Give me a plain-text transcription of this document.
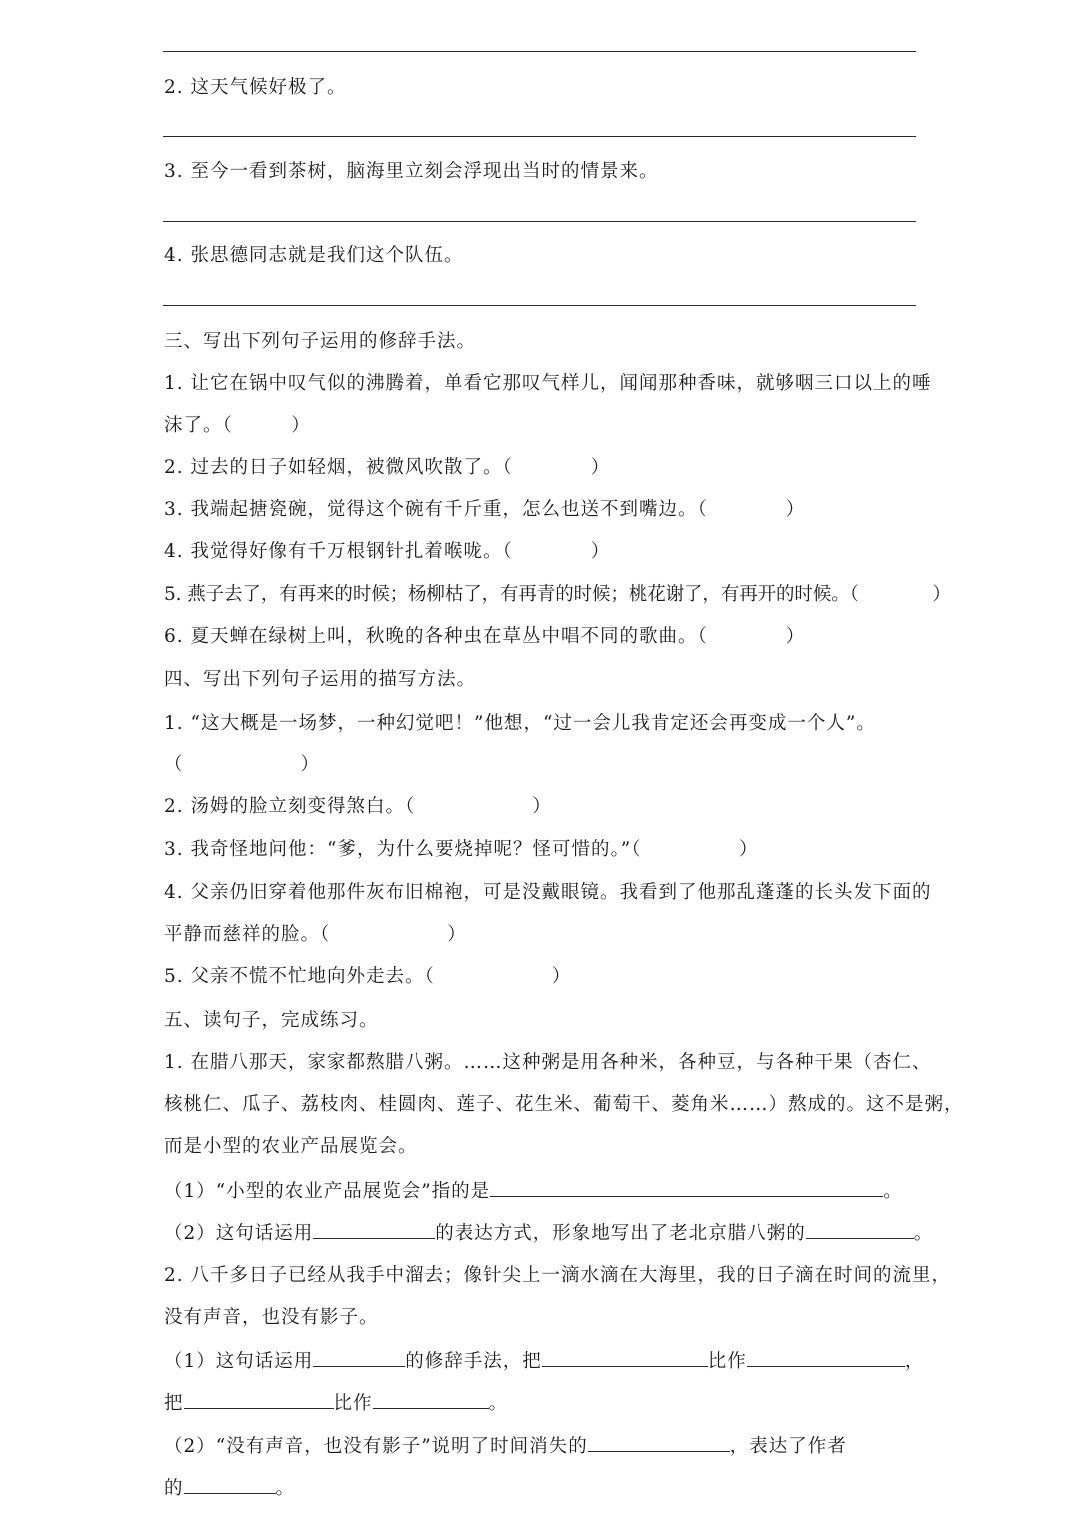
2. 这天气候好极了。
3. 至今一看到茶树，脑海里立刻会浮现出当时的情景来。
4. 张思德同志就是我们这个队伍。
三、写出下列句子运用的修辞手法。
1. 让它在锅中叹气似的沸腾着，单看它那叹气样儿，闻闻那种香味，就够咽三口以上的唾
沫了。（　　　）
2. 过去的日子如轻烟，被微风吹散了。（　　　　）
3. 我端起搪瓷碗，觉得这个碗有千斤重，怎么也送不到嘴边。（　　　　）
4. 我觉得好像有千万根钢针扎着喉咙。（　　　　）
5. 燕子去了，有再来的时候；杨柳枯了，有再青的时候；桃花谢了，有再开的时候。（　　　　）
6. 夏天蝉在绿树上叫，秋晚的各种虫在草丛中唱不同的歌曲。（　　　　）
四、写出下列句子运用的描写方法。
1. “这大概是一场梦，一种幻觉吧！”他想，“过一会儿我肯定还会再变成一个人”。
（　　　　　　）
2. 汤姆的脸立刻变得煞白。（　　　　　　）
3. 我奇怪地问他：“爹，为什么要烧掉呢？怪可惜的。”（　　　　　）
4. 父亲仍旧穿着他那件灰布旧棉袍，可是没戴眼镜。我看到了他那乱蓬蓬的长头发下面的
平静而慈祥的脸。（　　　　　　）
5. 父亲不慌不忙地向外走去。（　　　　　　）
五、读句子，完成练习。
1. 在腊八那天，家家都熬腊八粥。……这种粥是用各种米，各种豆，与各种干果（杏仁、
核桃仁、瓜子、荔枝肉、桂圆肉、莲子、花生米、葡萄干、菱角米……）熬成的。这不是粥，
而是小型的农业产品展览会。
（1）“小型的农业产品展览会”指的是	。
（2）这句话运用	的表达方式，形象地写出了老北京腊八粥的	。
2. 八千多日子已经从我手中溜去；像针尖上一滴水滴在大海里，我的日子滴在时间的流里，
没有声音，也没有影子。
（1）这句话运用	的修辞手法，把	比作	，
把	比作	。
（2）“没有声音，也没有影子”说明了时间消失的	，表达了作者
的	。
